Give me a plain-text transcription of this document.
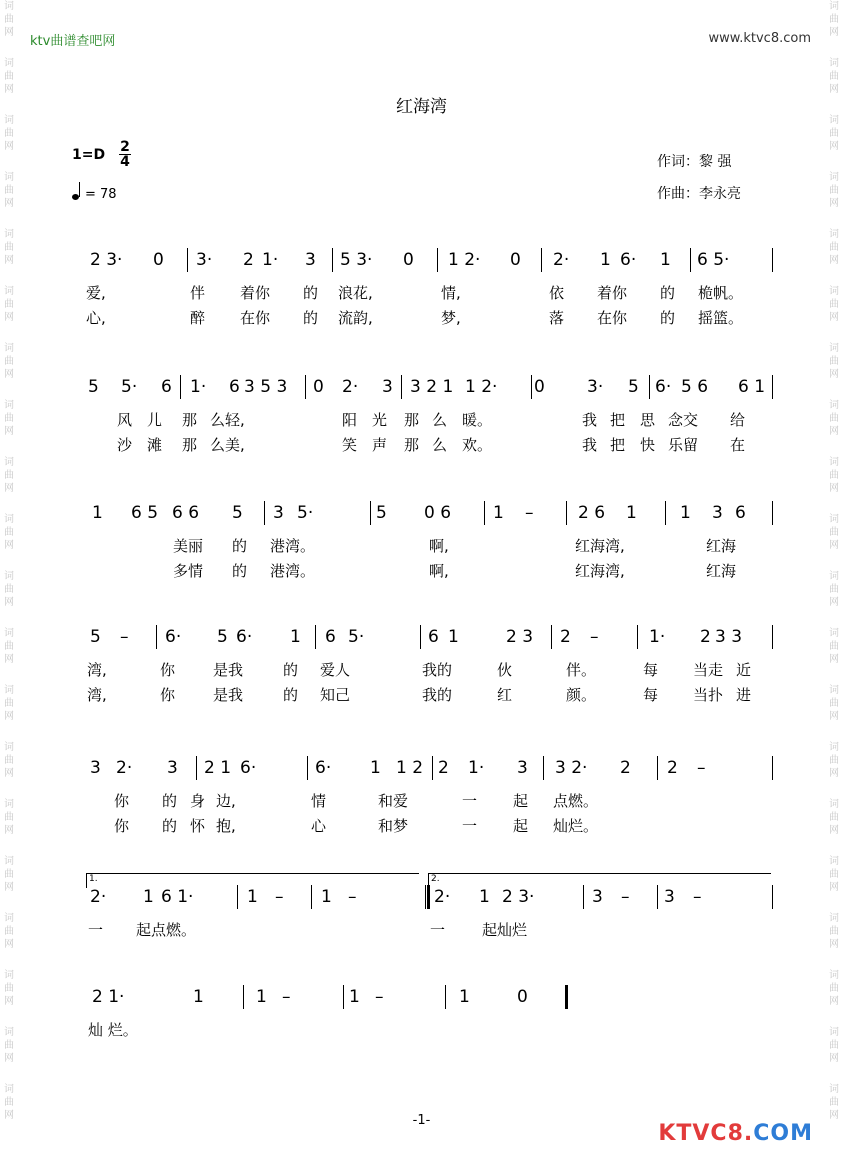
词曲网
词曲网
词曲网
词曲网
词曲网
词曲网
词曲网
词曲网
词曲网
词曲网
词曲网
词曲网
词曲网
词曲网
词曲网
词曲网
词曲网
词曲网
词曲网
词曲网
词曲网
词曲网
词曲网
词曲网
词曲网
词曲网
词曲网
词曲网
词曲网
词曲网
词曲网
词曲网
词曲网
词曲网
词曲网
词曲网
词曲网
词曲网
词曲网
词曲网
ktv曲谱查吧网	www.ktvc8.com
红海湾
1=D 2
4
= 78
作词：黎 强
作曲：李永亮
2 3· 0 3· 2 1· 3 5 3· 0 1 2· 0 2· 1 6· 1 6 5·
爱,	伴 着你 的 浪花,	情,	依 着你 的 桅帆。
心,	醉 在你 的 流韵,	梦,	落 在你 的 摇篮。
5 5· 6 1· 6 3 5 3 0 2· 3 3 2 1 1 2· 0 3· 5 6· 5 6 6 1
风 儿 那 么轻,	阳 光 那 么 暖。	我 把 思 念交 给
沙 滩 那 么美,	笑 声 那 么 欢。	我 把 快 乐留 在
1 6 5 6 6 5 3 5·	5 0 6 1 –	2 6 1	1 3 6
美丽 的 港湾。	啊,	红海湾,	红海
多情 的 港湾。	啊,	红海湾,	红海
5 – 6· 5 6· 1 6 5·	6 1	2 3 2 –	1· 2 3 3
湾,	你	是我	的 爱人	我的	伙	伴。	每 当走 近
湾,	你	是我	的 知己	我的	红	颜。	每 当扑 进
3 2· 3 2 1 6·	6· 1 1 2 2 1· 3 3 2· 2 2 –
你 的 身 边,	情	和爱	一 起 点燃。
你 的 怀 抱,	心	和梦	一 起 灿烂。
2· 1 6 1·	1 – 1 –	2· 1 2 3·	3 – 3 –
一 起点燃。	一 起灿烂
1.	2.
2 1·	1	1 –	1 –	1	0
灿 烂。
-1-
KTVC8.COM
